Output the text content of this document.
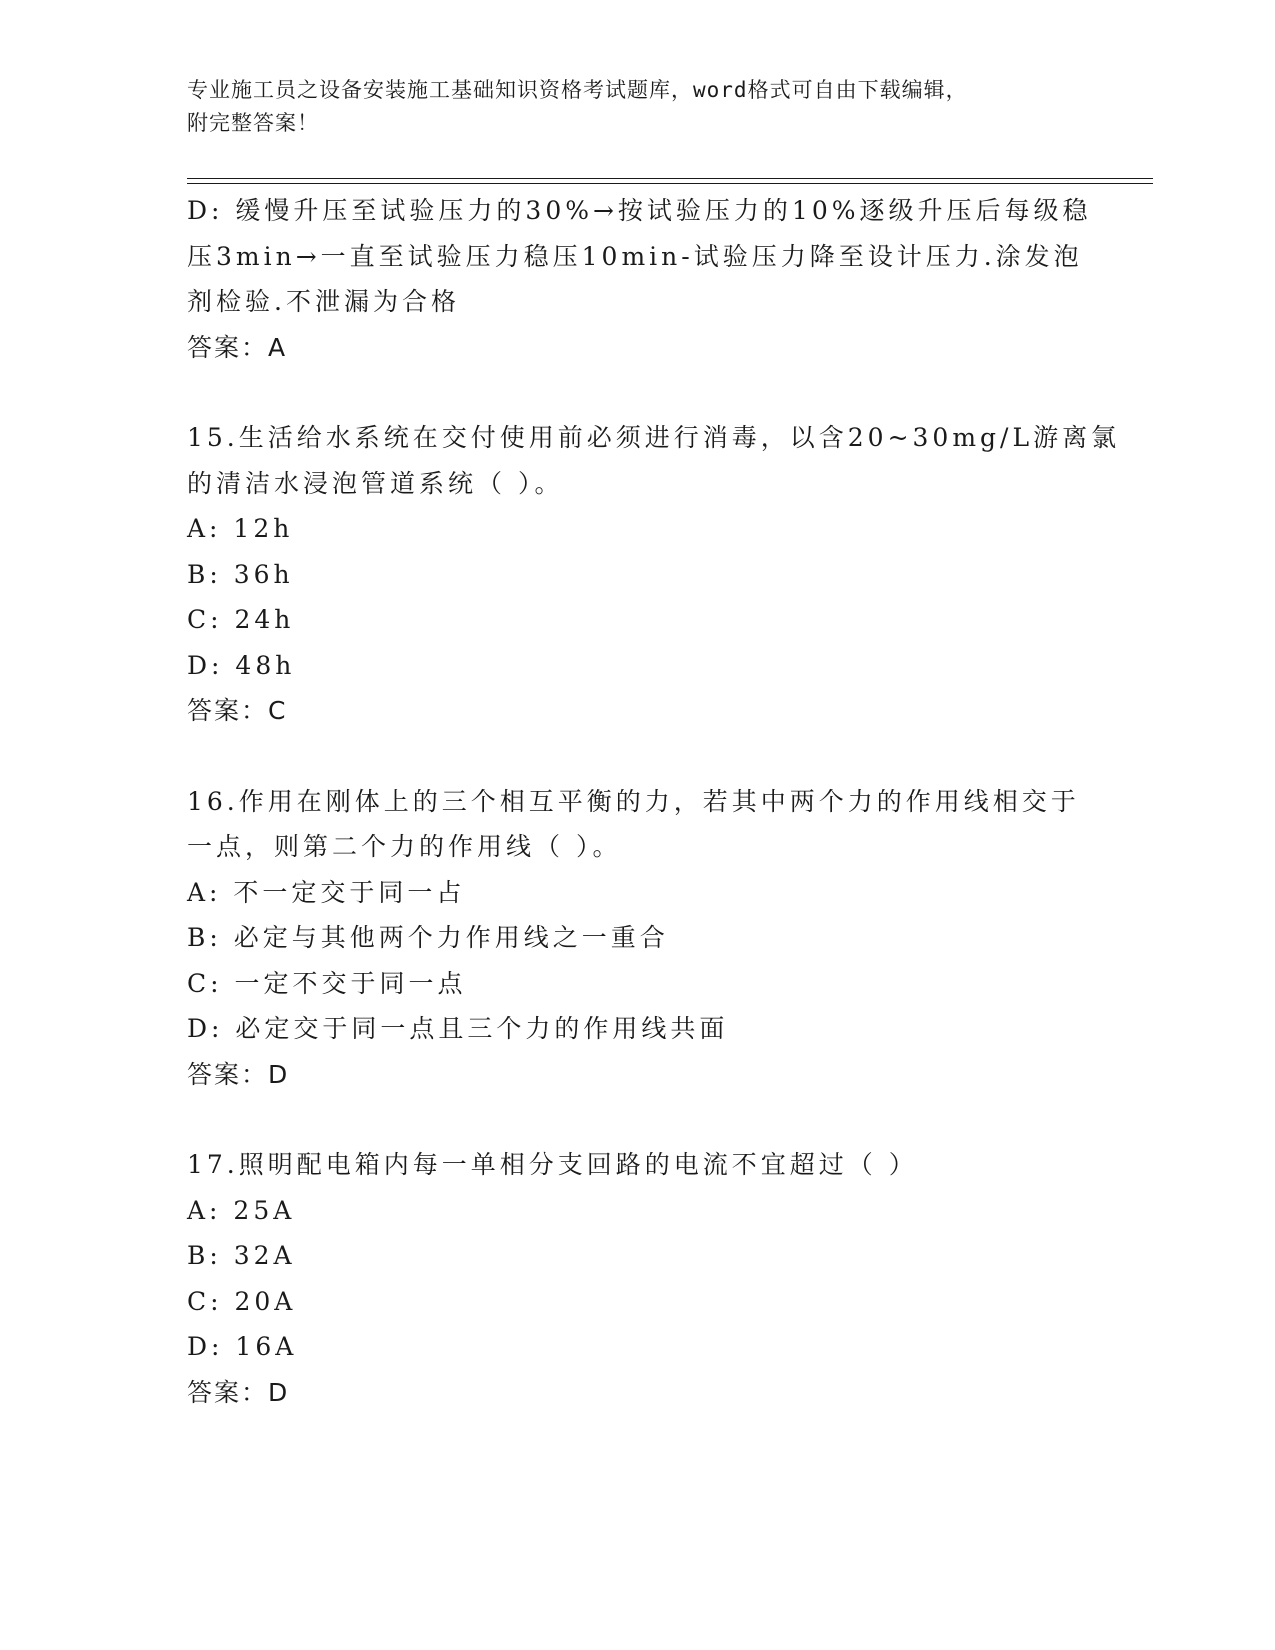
专业施工员之设备安装施工基础知识资格考试题库，word格式可自由下载编辑，
附完整答案！
D: 缓慢升压至试验压力的30%→按试验压力的10%逐级升压后每级稳
压3min→一直至试验压力稳压10min-试验压力降至设计压力.涂发泡
剂检验.不泄漏为合格
答案：A
15.生活给水系统在交付使用前必须进行消毒，以含20~30mg/L游离氯
的清洁水浸泡管道系统（ ）。
A: 12h
B: 36h
C: 24h
D: 48h
答案：C
16.作用在刚体上的三个相互平衡的力，若其中两个力的作用线相交于
一点，则第二个力的作用线（ ）。
A: 不一定交于同一占
B: 必定与其他两个力作用线之一重合
C: 一定不交于同一点
D: 必定交于同一点且三个力的作用线共面
答案：D
17.照明配电箱内每一单相分支回路的电流不宜超过（ ）
A: 25A
B: 32A
C: 20A
D: 16A
答案：D
